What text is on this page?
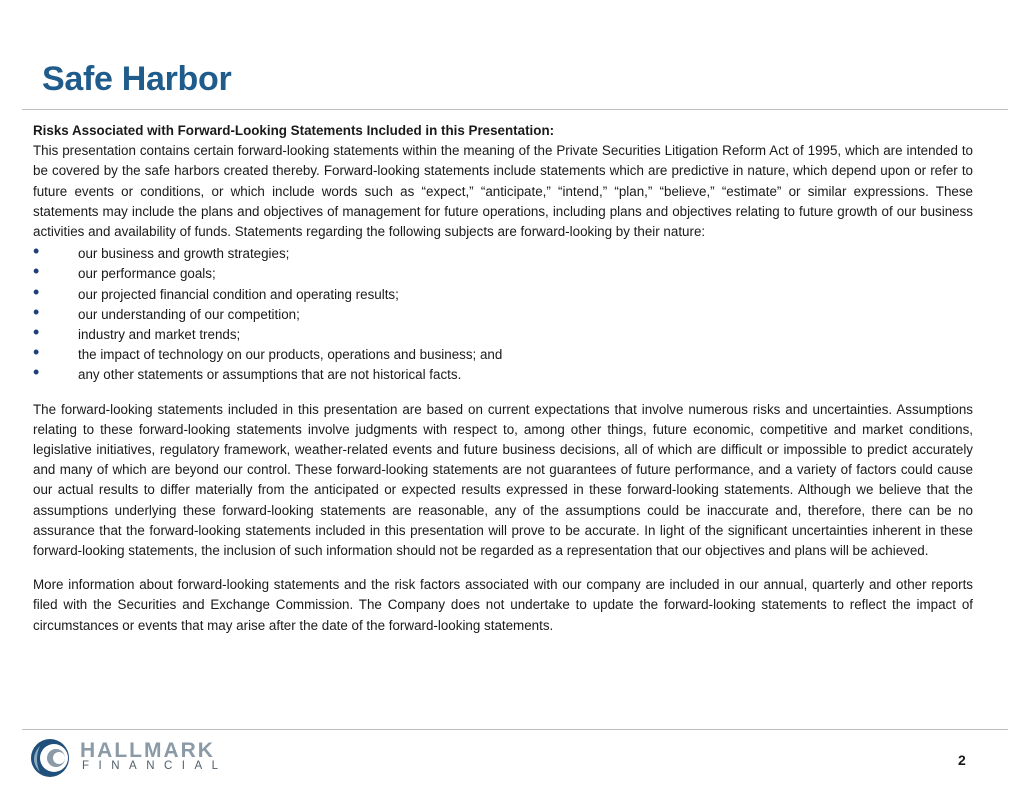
Safe Harbor

Risks Associated with Forward-Looking Statements Included in this Presentation:

This presentation contains certain forward-looking statements within the meaning of the Private Securities Litigation Reform Act of 1995, which are intended to be covered by the safe harbors created thereby. Forward-looking statements include statements which are predictive in nature, which depend upon or refer to future events or conditions, or which include words such as “expect,” “anticipate,” “intend,” “plan,” “believe,” “estimate” or similar expressions. These statements may include the plans and objectives of management for future operations, including plans and objectives relating to future growth of our business activities and availability of funds. Statements regarding the following subjects are forward-looking by their nature:

•	our business and growth strategies;
•	our performance goals;
•	our projected financial condition and operating results;
•	our understanding of our competition;
•	industry and market trends;
•	the impact of technology on our products, operations and business; and
•	any other statements or assumptions that are not historical facts.

The forward-looking statements included in this presentation are based on current expectations that involve numerous risks and uncertainties. Assumptions relating to these forward-looking statements involve judgments with respect to, among other things, future economic, competitive and market conditions, legislative initiatives, regulatory framework, weather-related events and future business decisions, all of which are difficult or impossible to predict accurately and many of which are beyond our control. These forward-looking statements are not guarantees of future performance, and a variety of factors could cause our actual results to differ materially from the anticipated or expected results expressed in these forward-looking statements. Although we believe that the assumptions underlying these forward-looking statements are reasonable, any of the assumptions could be inaccurate and, therefore, there can be no assurance that the forward-looking statements included in this presentation will prove to be accurate. In light of the significant uncertainties inherent in these forward-looking statements, the inclusion of such information should not be regarded as a representation that our objectives and plans will be achieved.

More information about forward-looking statements and the risk factors associated with our company are included in our annual, quarterly and other reports filed with the Securities and Exchange Commission. The Company does not undertake to update the forward-looking statements to reflect the impact of circumstances or events that may arise after the date of the forward-looking statements.

HALLMARK
FINANCIAL	2
